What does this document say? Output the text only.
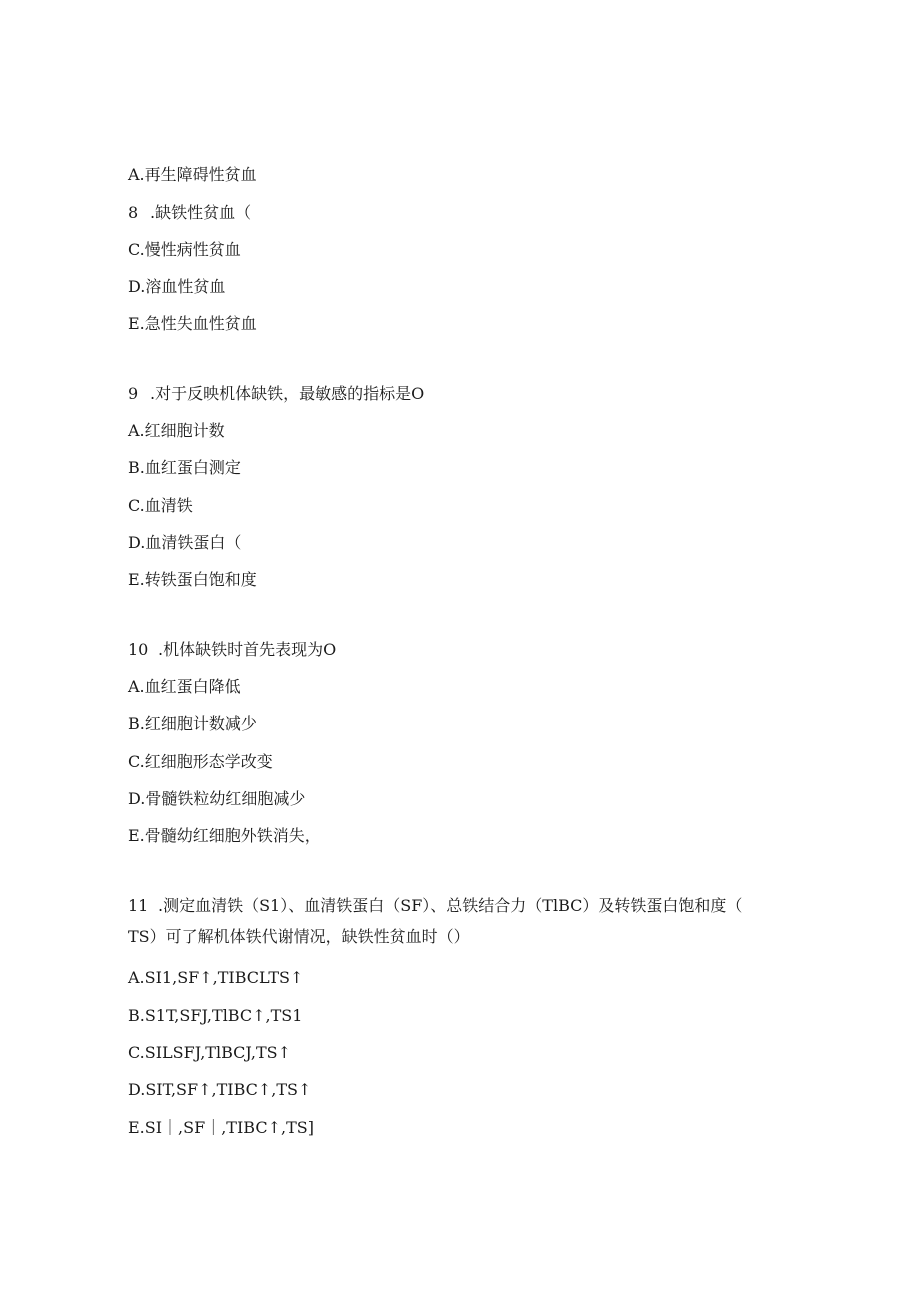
A.再生障碍性贫血
8 .缺铁性贫血（
C.慢性病性贫血
D.溶血性贫血
E.急性失血性贫血
9 .对于反映机体缺铁，最敏感的指标是O
A.红细胞计数
B.血红蛋白测定
C.血清铁
D.血清铁蛋白（
E.转铁蛋白饱和度
10 .机体缺铁时首先表现为O
A.血红蛋白降低
B.红细胞计数减少
C.红细胞形态学改变
D.骨髓铁粒幼红细胞减少
E.骨髓幼红细胞外铁消失，
11 .测定血清铁（S1）、血清铁蛋白（SF）、总铁结合力（TlBC）及转铁蛋白饱和度（
TS）可了解机体铁代谢情况，缺铁性贫血时（）
A.SI1,SF↑,TIBCLTS↑
B.S1T,SFJ,TlBC↑,TS1
C.SILSFJ,TlBCJ,TS↑
D.SIT,SF↑,TIBC↑,TS↑
E.SI｜,SF｜,TIBC↑,TS]
